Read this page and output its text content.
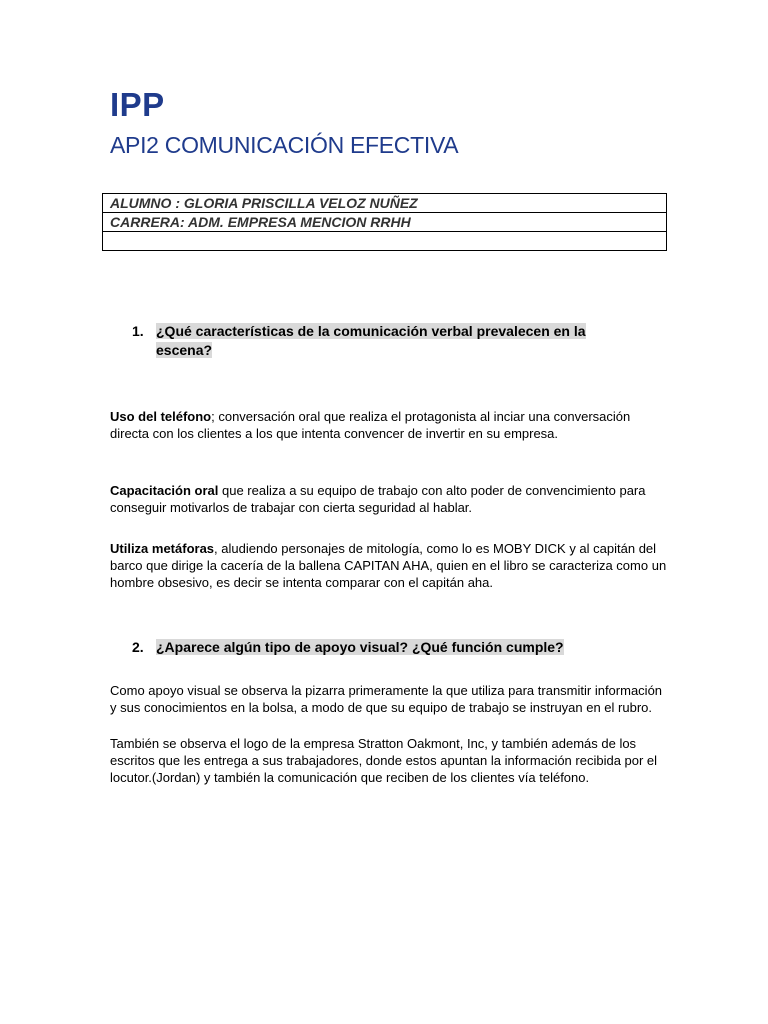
IPP
API2 COMUNICACIÓN EFECTIVA
ALUMNO : GLORIA PRISCILLA VELOZ NUÑEZ
CARRERA: ADM. EMPRESA MENCION RRHH

1. ¿Qué características de la comunicación verbal prevalecen en la
escena?
Uso del teléfono; conversación oral que realiza el protagonista al inciar una conversación directa con los clientes a los que intenta convencer de invertir en su empresa.
Capacitación oral que realiza a su equipo de trabajo con alto poder de convencimiento para conseguir motivarlos de trabajar con cierta seguridad al hablar.
Utiliza metáforas, aludiendo personajes de mitología, como lo es MOBY DICK y al capitán del barco que dirige la cacería de la ballena CAPITAN AHA, quien en el libro se caracteriza como un hombre obsesivo, es decir se intenta comparar con el capitán aha.
2. ¿Aparece algún tipo de apoyo visual? ¿Qué función cumple?
Como apoyo visual se observa la pizarra primeramente la que utiliza para transmitir información y sus conocimientos en la bolsa, a modo de que su equipo de trabajo se instruyan en el rubro.
También se observa el logo de la empresa Stratton Oakmont, Inc, y también además de los escritos que les entrega a sus trabajadores, donde estos apuntan la información recibida por el locutor.(Jordan) y también la comunicación que reciben de los clientes vía teléfono.
